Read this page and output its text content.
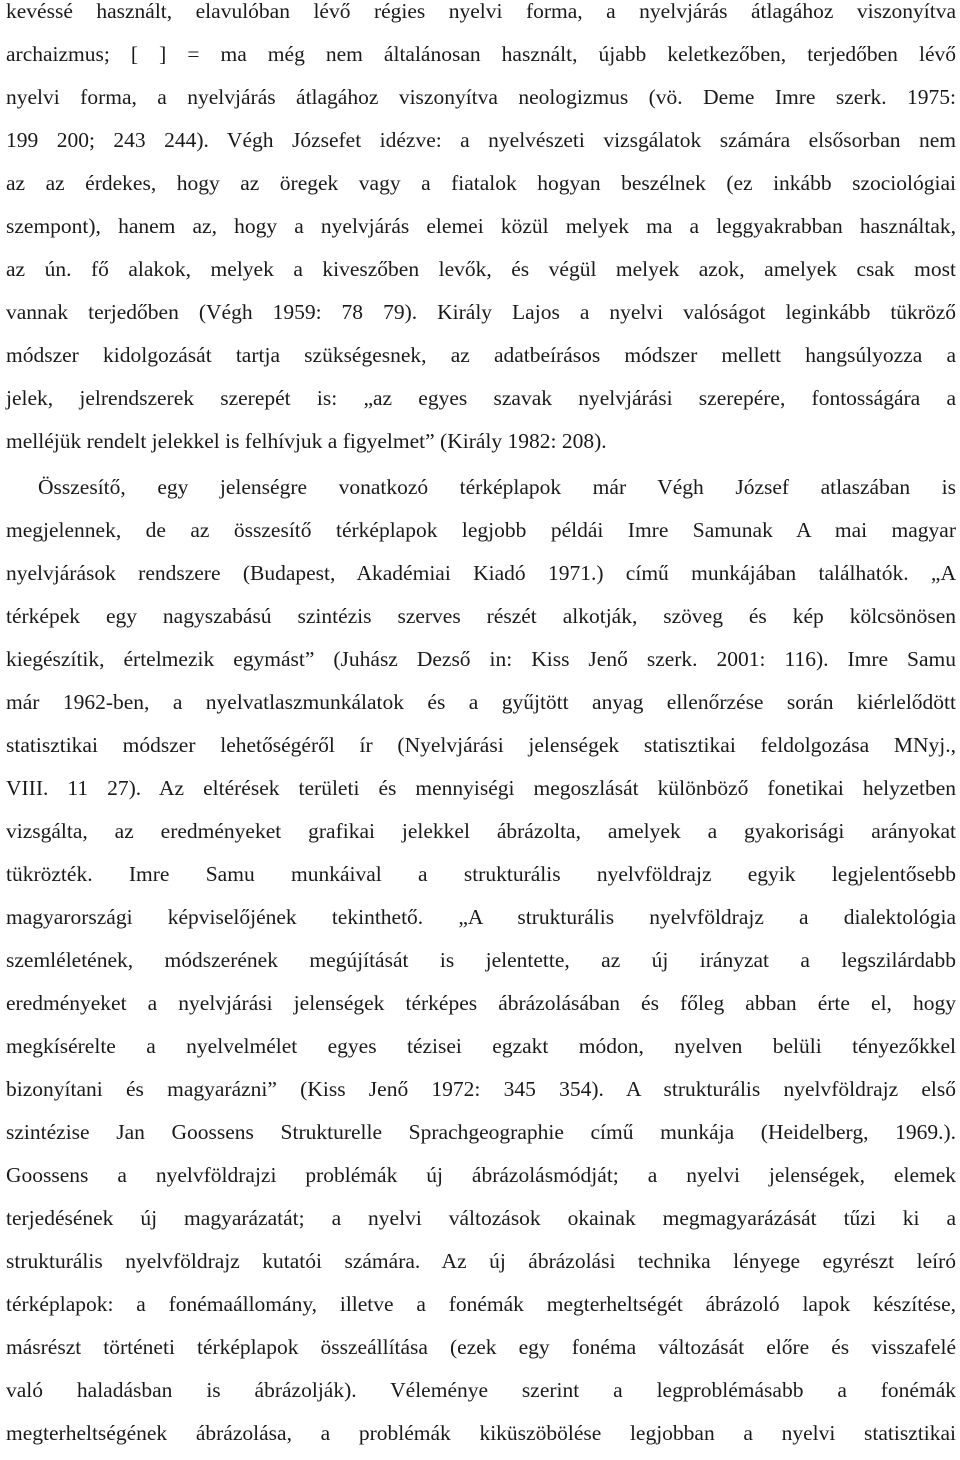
kevéssé használt, elavulóban lévő régies nyelvi forma, a nyelvjárás átlagához viszonyítva
archaizmus; [ ] = ma még nem általánosan használt, újabb keletkezőben, terjedőben lévő
nyelvi forma, a nyelvjárás átlagához viszonyítva neologizmus (vö. Deme Imre szerk. 1975:
199 200; 243 244). Végh Józsefet idézve: a nyelvészeti vizsgálatok számára elsősorban nem
az az érdekes, hogy az öregek vagy a fiatalok hogyan beszélnek (ez inkább szociológiai
szempont), hanem az, hogy a nyelvjárás elemei közül melyek ma a leggyakrabban használtak,
az ún. fő alakok, melyek a kiveszőben levők, és végül melyek azok, amelyek csak most
vannak terjedőben (Végh 1959: 78 79). Király Lajos a nyelvi valóságot leginkább tükröző
módszer kidolgozását tartja szükségesnek, az adatbeírásos módszer mellett hangsúlyozza a
jelek, jelrendszerek szerepét is: „az egyes szavak nyelvjárási szerepére, fontosságára a
melléjük rendelt jelekkel is felhívjuk a figyelmet” (Király 1982: 208).
Összesítő, egy jelenségre vonatkozó térképlapok már Végh József atlaszában is
megjelennek, de az összesítő térképlapok legjobb példái Imre Samunak A mai magyar
nyelvjárások rendszere (Budapest, Akadémiai Kiadó 1971.) című munkájában találhatók. „A
térképek egy nagyszabású szintézis szerves részét alkotják, szöveg és kép kölcsönösen
kiegészítik, értelmezik egymást” (Juhász Dezső in: Kiss Jenő szerk. 2001: 116). Imre Samu
már 1962-ben, a nyelvatlaszmunkálatok és a gyűjtött anyag ellenőrzése során kiérlelődött
statisztikai módszer lehetőségéről ír (Nyelvjárási jelenségek statisztikai feldolgozása MNyj.,
VIII. 11 27). Az eltérések területi és mennyiségi megoszlását különböző fonetikai helyzetben
vizsgálta, az eredményeket grafikai jelekkel ábrázolta, amelyek a gyakorisági arányokat
tükrözték. Imre Samu munkáival a strukturális nyelvföldrajz egyik legjelentősebb
magyarországi képviselőjének tekinthető. „A strukturális nyelvföldrajz a dialektológia
szemléletének, módszerének megújítását is jelentette, az új irányzat a legszilárdabb
eredményeket a nyelvjárási jelenségek térképes ábrázolásában és főleg abban érte el, hogy
megkísérelte a nyelvelmélet egyes tézisei egzakt módon, nyelven belüli tényezőkkel
bizonyítani és magyarázni” (Kiss Jenő 1972: 345 354). A strukturális nyelvföldrajz első
szintézise Jan Goossens Strukturelle Sprachgeographie című munkája (Heidelberg, 1969.).
Goossens a nyelvföldrajzi problémák új ábrázolásmódját; a nyelvi jelenségek, elemek
terjedésének új magyarázatát; a nyelvi változások okainak megmagyarázását tűzi ki a
strukturális nyelvföldrajz kutatói számára. Az új ábrázolási technika lényege egyrészt leíró
térképlapok: a fonémaállomány, illetve a fonémák megterheltségét ábrázoló lapok készítése,
másrészt történeti térképlapok összeállítása (ezek egy fonéma változását előre és visszafelé
való haladásban is ábrázolják). Véleménye szerint a legproblémásabb a fonémák
megterheltségének ábrázolása, a problémák kiküszöbölése legjobban a nyelvi statisztikai
